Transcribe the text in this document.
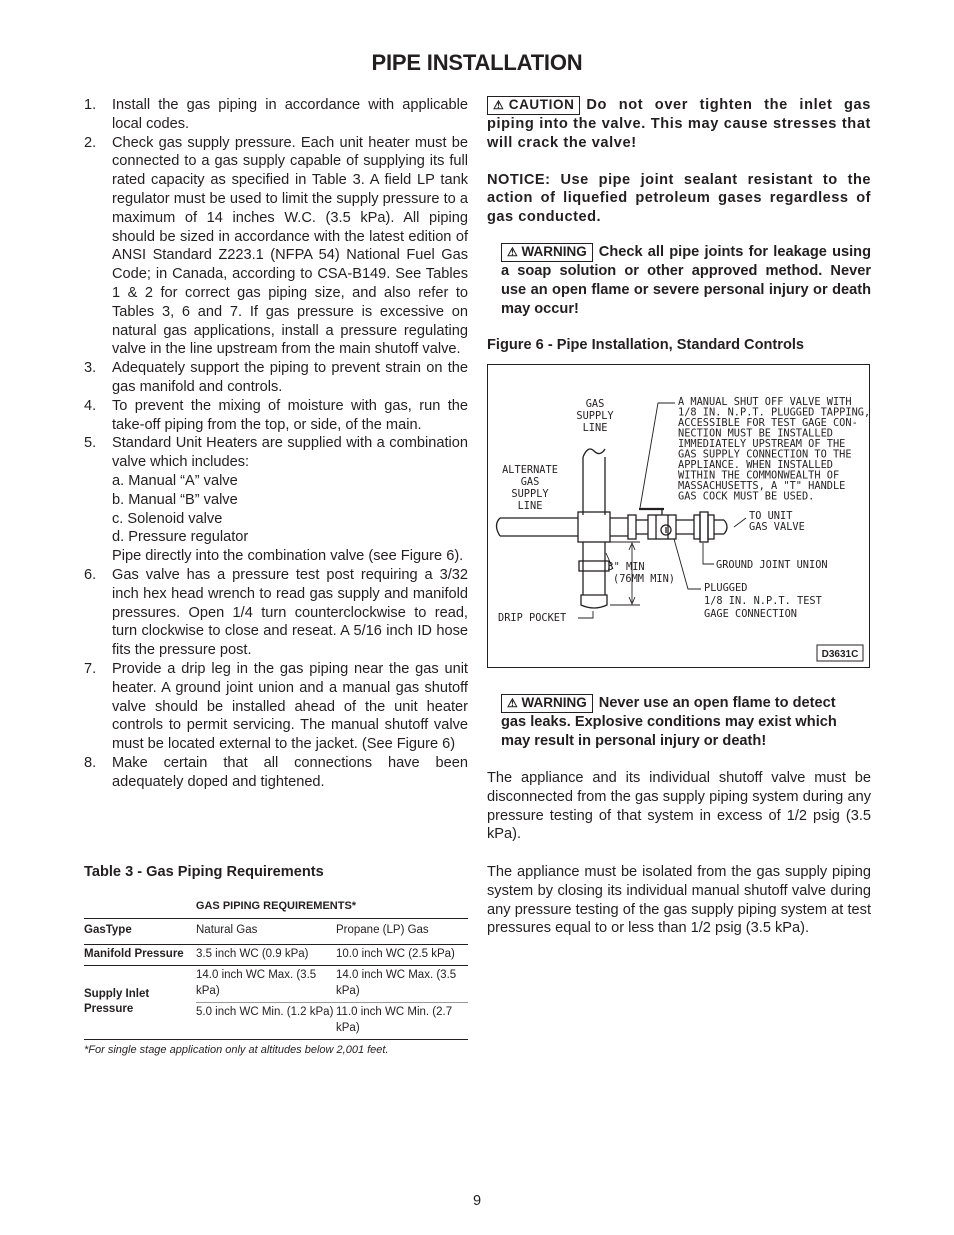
PIPE INSTALLATION
1. Install the gas piping in accordance with applicable local codes.
2. Check gas supply pressure. Each unit heater must be connected to a gas supply capable of supplying its full rated capacity as specified in Table 3. A field LP tank regulator must be used to limit the supply pressure to a maximum of 14 inches W.C. (3.5 kPa). All piping should be sized in accordance with the latest edition of ANSI Standard Z223.1 (NFPA 54) National Fuel Gas Code; in Canada, according to CSA-B149. See Tables 1 & 2 for correct gas piping size, and also refer to Tables 3, 6 and 7. If gas pressure is excessive on natural gas applications, install a pressure regulating valve in the line upstream from the main shutoff valve.
3. Adequately support the piping to prevent strain on the gas manifold and controls.
4. To prevent the mixing of moisture with gas, run the take-off piping from the top, or side, of the main.
5. Standard Unit Heaters are supplied with a combination valve which includes:
a. Manual “A” valve
b. Manual “B” valve
c. Solenoid valve
d. Pressure regulator
Pipe directly into the combination valve (see Figure 6).
6. Gas valve has a pressure test post requiring a 3/32 inch hex head wrench to read gas supply and manifold pressures. Open 1/4 turn counterclockwise to read, turn clockwise to close and reseat. A 5/16 inch ID hose fits the pressure post.
7. Provide a drip leg in the gas piping near the gas unit heater. A ground joint union and a manual gas shutoff valve should be installed ahead of the unit heater controls to permit servicing. The manual shutoff valve must be located external to the jacket. (See Figure 6)
8. Make certain that all connections have been adequately doped and tightened.
Table 3 - Gas Piping Requirements
GAS PIPING REQUIREMENTS*
GasType	Natural Gas	Propane (LP) Gas
Manifold Pressure	3.5 inch WC (0.9 kPa)	10.0 inch WC (2.5 kPa)
Supply Inlet Pressure	14.0 inch WC Max. (3.5 kPa)	14.0 inch WC Max. (3.5 kPa)
	5.0 inch WC Min. (1.2 kPa)	11.0 inch WC Min. (2.7 kPa)
*For single stage application only at altitudes below 2,001 feet.

⚠ CAUTION Do not over tighten the inlet gas piping into the valve. This may cause stresses that will crack the valve!

NOTICE: Use pipe joint sealant resistant to the action of liquefied petroleum gases regardless of gas conducted.

⚠ WARNING Check all pipe joints for leakage using a soap solution or other approved method. Never use an open flame or severe personal injury or death may occur!

Figure 6 - Pipe Installation, Standard Controls
GAS
SUPPLY
LINE
ALTERNATE
GAS
SUPPLY
LINE
A MANUAL SHUT OFF VALVE WITH
1/8 IN. N.P.T. PLUGGED TAPPING,
ACCESSIBLE FOR TEST GAGE CON-
NECTION MUST BE INSTALLED
IMMEDIATELY UPSTREAM OF THE
GAS SUPPLY CONNECTION TO THE
APPLIANCE. WHEN INSTALLED
WITHIN THE COMMONWEALTH OF
MASSACHUSETTS, A "T" HANDLE
GAS COCK MUST BE USED.
TO UNIT
GAS VALVE
GROUND JOINT UNION
3" MIN
(76MM MIN)
PLUGGED
1/8 IN. N.P.T. TEST
GAGE CONNECTION
DRIP POCKET
D3631C

⚠ WARNING Never use an open flame to detect gas leaks. Explosive conditions may exist which may result in personal injury or death!

The appliance and its individual shutoff valve must be disconnected from the gas supply piping system during any pressure testing of that system in excess of 1/2 psig (3.5 kPa).

The appliance must be isolated from the gas supply piping system by closing its individual manual shutoff valve during any pressure testing of the gas supply piping system at test pressures equal to or less than 1/2 psig (3.5 kPa).

9
